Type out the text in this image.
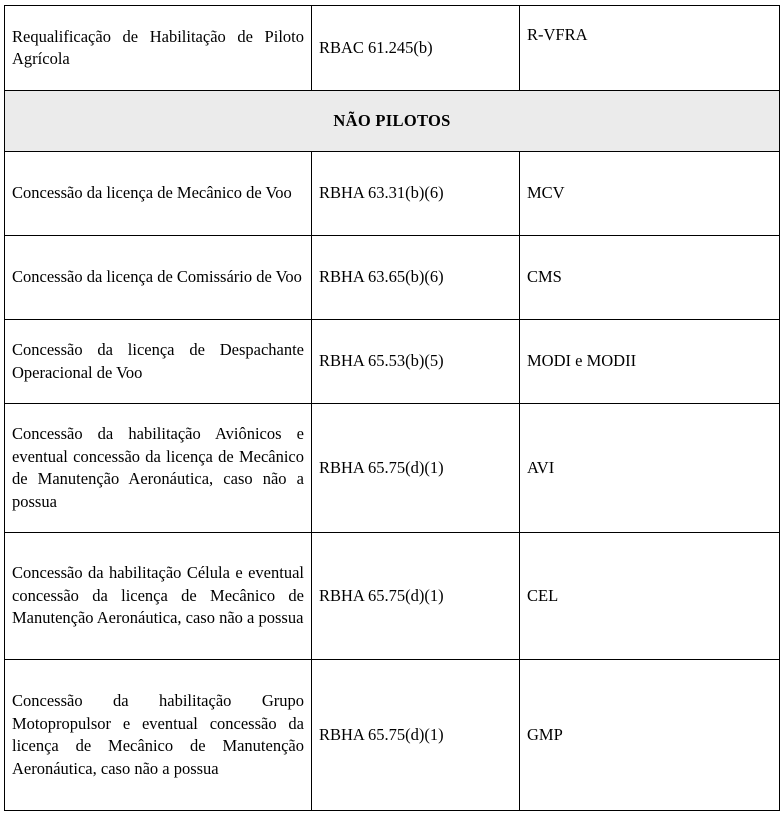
Requalificação de Habilitação de Piloto Agrícola	RBAC 61.245(b)	R-VFRA
NÃO PILOTOS		
Concessão da licença de Mecânico de Voo	RBHA 63.31(b)(6)	MCV
Concessão da licença de Comissário de Voo	RBHA 63.65(b)(6)	CMS
Concessão da licença de Despachante Operacional de Voo	RBHA 65.53(b)(5)	MODI e MODII
Concessão da habilitação Aviônicos e eventual concessão da licença de Mecânico de Manutenção Aeronáutica, caso não a possua	RBHA 65.75(d)(1)	AVI
Concessão da habilitação Célula e eventual concessão da licença de Mecânico de Manutenção Aeronáutica, caso não a possua	RBHA 65.75(d)(1)	CEL
Concessão da habilitação Grupo Motopropulsor e eventual concessão da licença de Mecânico de Manutenção Aeronáutica, caso não a possua	RBHA 65.75(d)(1)	GMP
